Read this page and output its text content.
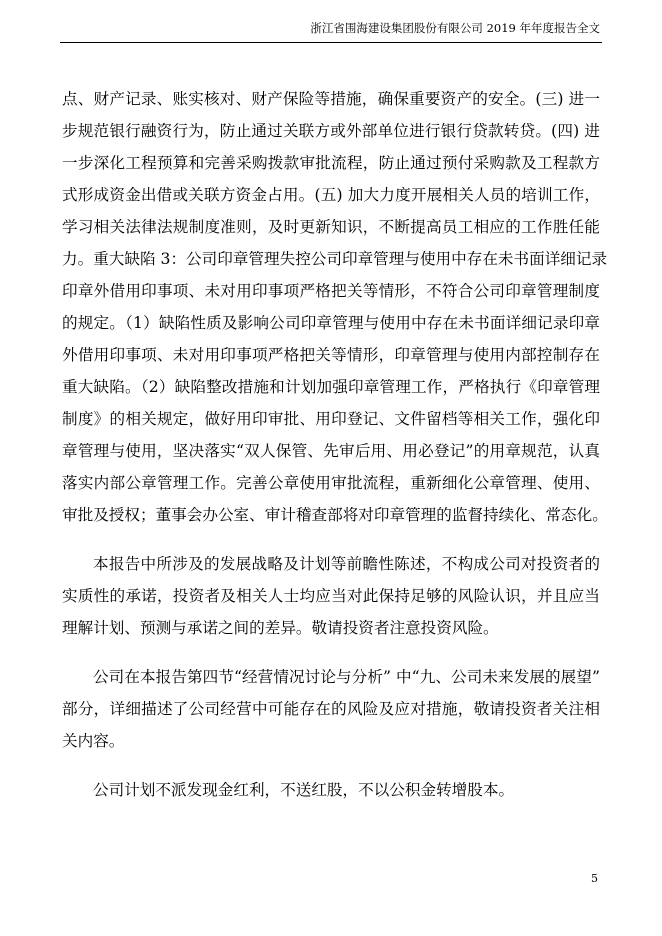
浙江省围海建设集团股份有限公司 2019 年年度报告全文
点、财产记录、账实核对、财产保险等措施，确保重要资产的安全。(三) 进一
步规范银行融资行为，防止通过关联方或外部单位进行银行贷款转贷。(四) 进
一步深化工程预算和完善采购拨款审批流程，防止通过预付采购款及工程款方
式形成资金出借或关联方资金占用。(五) 加大力度开展相关人员的培训工作，
学习相关法律法规制度准则，及时更新知识，不断提高员工相应的工作胜任能
力。重大缺陷 3：公司印章管理失控公司印章管理与使用中存在未书面详细记录
印章外借用印事项、未对用印事项严格把关等情形，不符合公司印章管理制度
的规定。（1）缺陷性质及影响公司印章管理与使用中存在未书面详细记录印章
外借用印事项、未对用印事项严格把关等情形，印章管理与使用内部控制存在
重大缺陷。（2）缺陷整改措施和计划加强印章管理工作，严格执行《印章管理
制度》的相关规定，做好用印审批、用印登记、文件留档等相关工作，强化印
章管理与使用，坚决落实“双人保管、先审后用、用必登记”的用章规范，认真
落实内部公章管理工作。完善公章使用审批流程，重新细化公章管理、使用、
审批及授权；董事会办公室、审计稽查部将对印章管理的监督持续化、常态化。
本报告中所涉及的发展战略及计划等前瞻性陈述，不构成公司对投资者的
实质性的承诺，投资者及相关人士均应当对此保持足够的风险认识，并且应当
理解计划、预测与承诺之间的差异。敬请投资者注意投资风险。
公司在本报告第四节“经营情况讨论与分析” 中“九、公司未来发展的展望”
部分，详细描述了公司经营中可能存在的风险及应对措施，敬请投资者关注相
关内容。
公司计划不派发现金红利，不送红股，不以公积金转增股本。
5
